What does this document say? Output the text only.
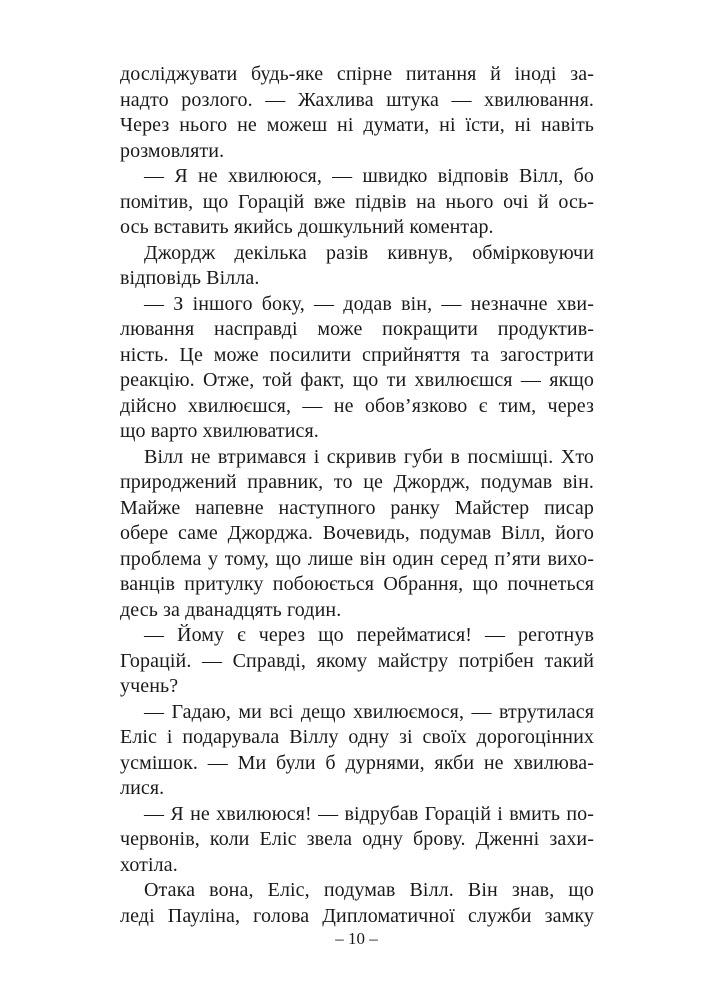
досліджувати будь-яке спірне питання й іноді за-
надто розлого. — Жахлива штука — хвилювання.
Через нього не можеш ні думати, ні їсти, ні навіть
розмовляти.
— Я не хвилююся, — швидко відповів Вілл, бо
помітив, що Горацій вже підвів на нього очі й ось-
ось вставить якийсь дошкульний коментар.
Джордж декілька разів кивнув, обмірковуючи
відповідь Вілла.
— З іншого боку, — додав він, — незначне хви-
лювання насправді може покращити продуктив-
ність. Це може посилити сприйняття та загострити
реакцію. Отже, той факт, що ти хвилюєшся — якщо
дійсно хвилюєшся, — не обов’язково є тим, через
що варто хвилюватися.
Вілл не втримався і скривив губи в посмішці. Хто
природжений правник, то це Джордж, подумав він.
Майже напевне наступного ранку Майстер писар
обере саме Джорджа. Вочевидь, подумав Вілл, його
проблема у тому, що лише він один серед п’яти вихо-
ванців притулку побоюється Обрання, що почнеться
десь за дванадцять годин.
— Йому є через що перейматися! — реготнув
Горацій. — Справді, якому майстру потрібен такий
учень?
— Гадаю, ми всі дещо хвилюємося, — втрутилася
Еліс і подарувала Віллу одну зі своїх дорогоцінних
усмішок. — Ми були б дурнями, якби не хвилюва-
лися.
— Я не хвилююся! — відрубав Горацій і вмить по-
червонів, коли Еліс звела одну брову. Дженні захи-
хотіла.
Отака вона, Еліс, подумав Вілл. Він знав, що
леді Пауліна, голова Дипломатичної служби замку
– 10 –
